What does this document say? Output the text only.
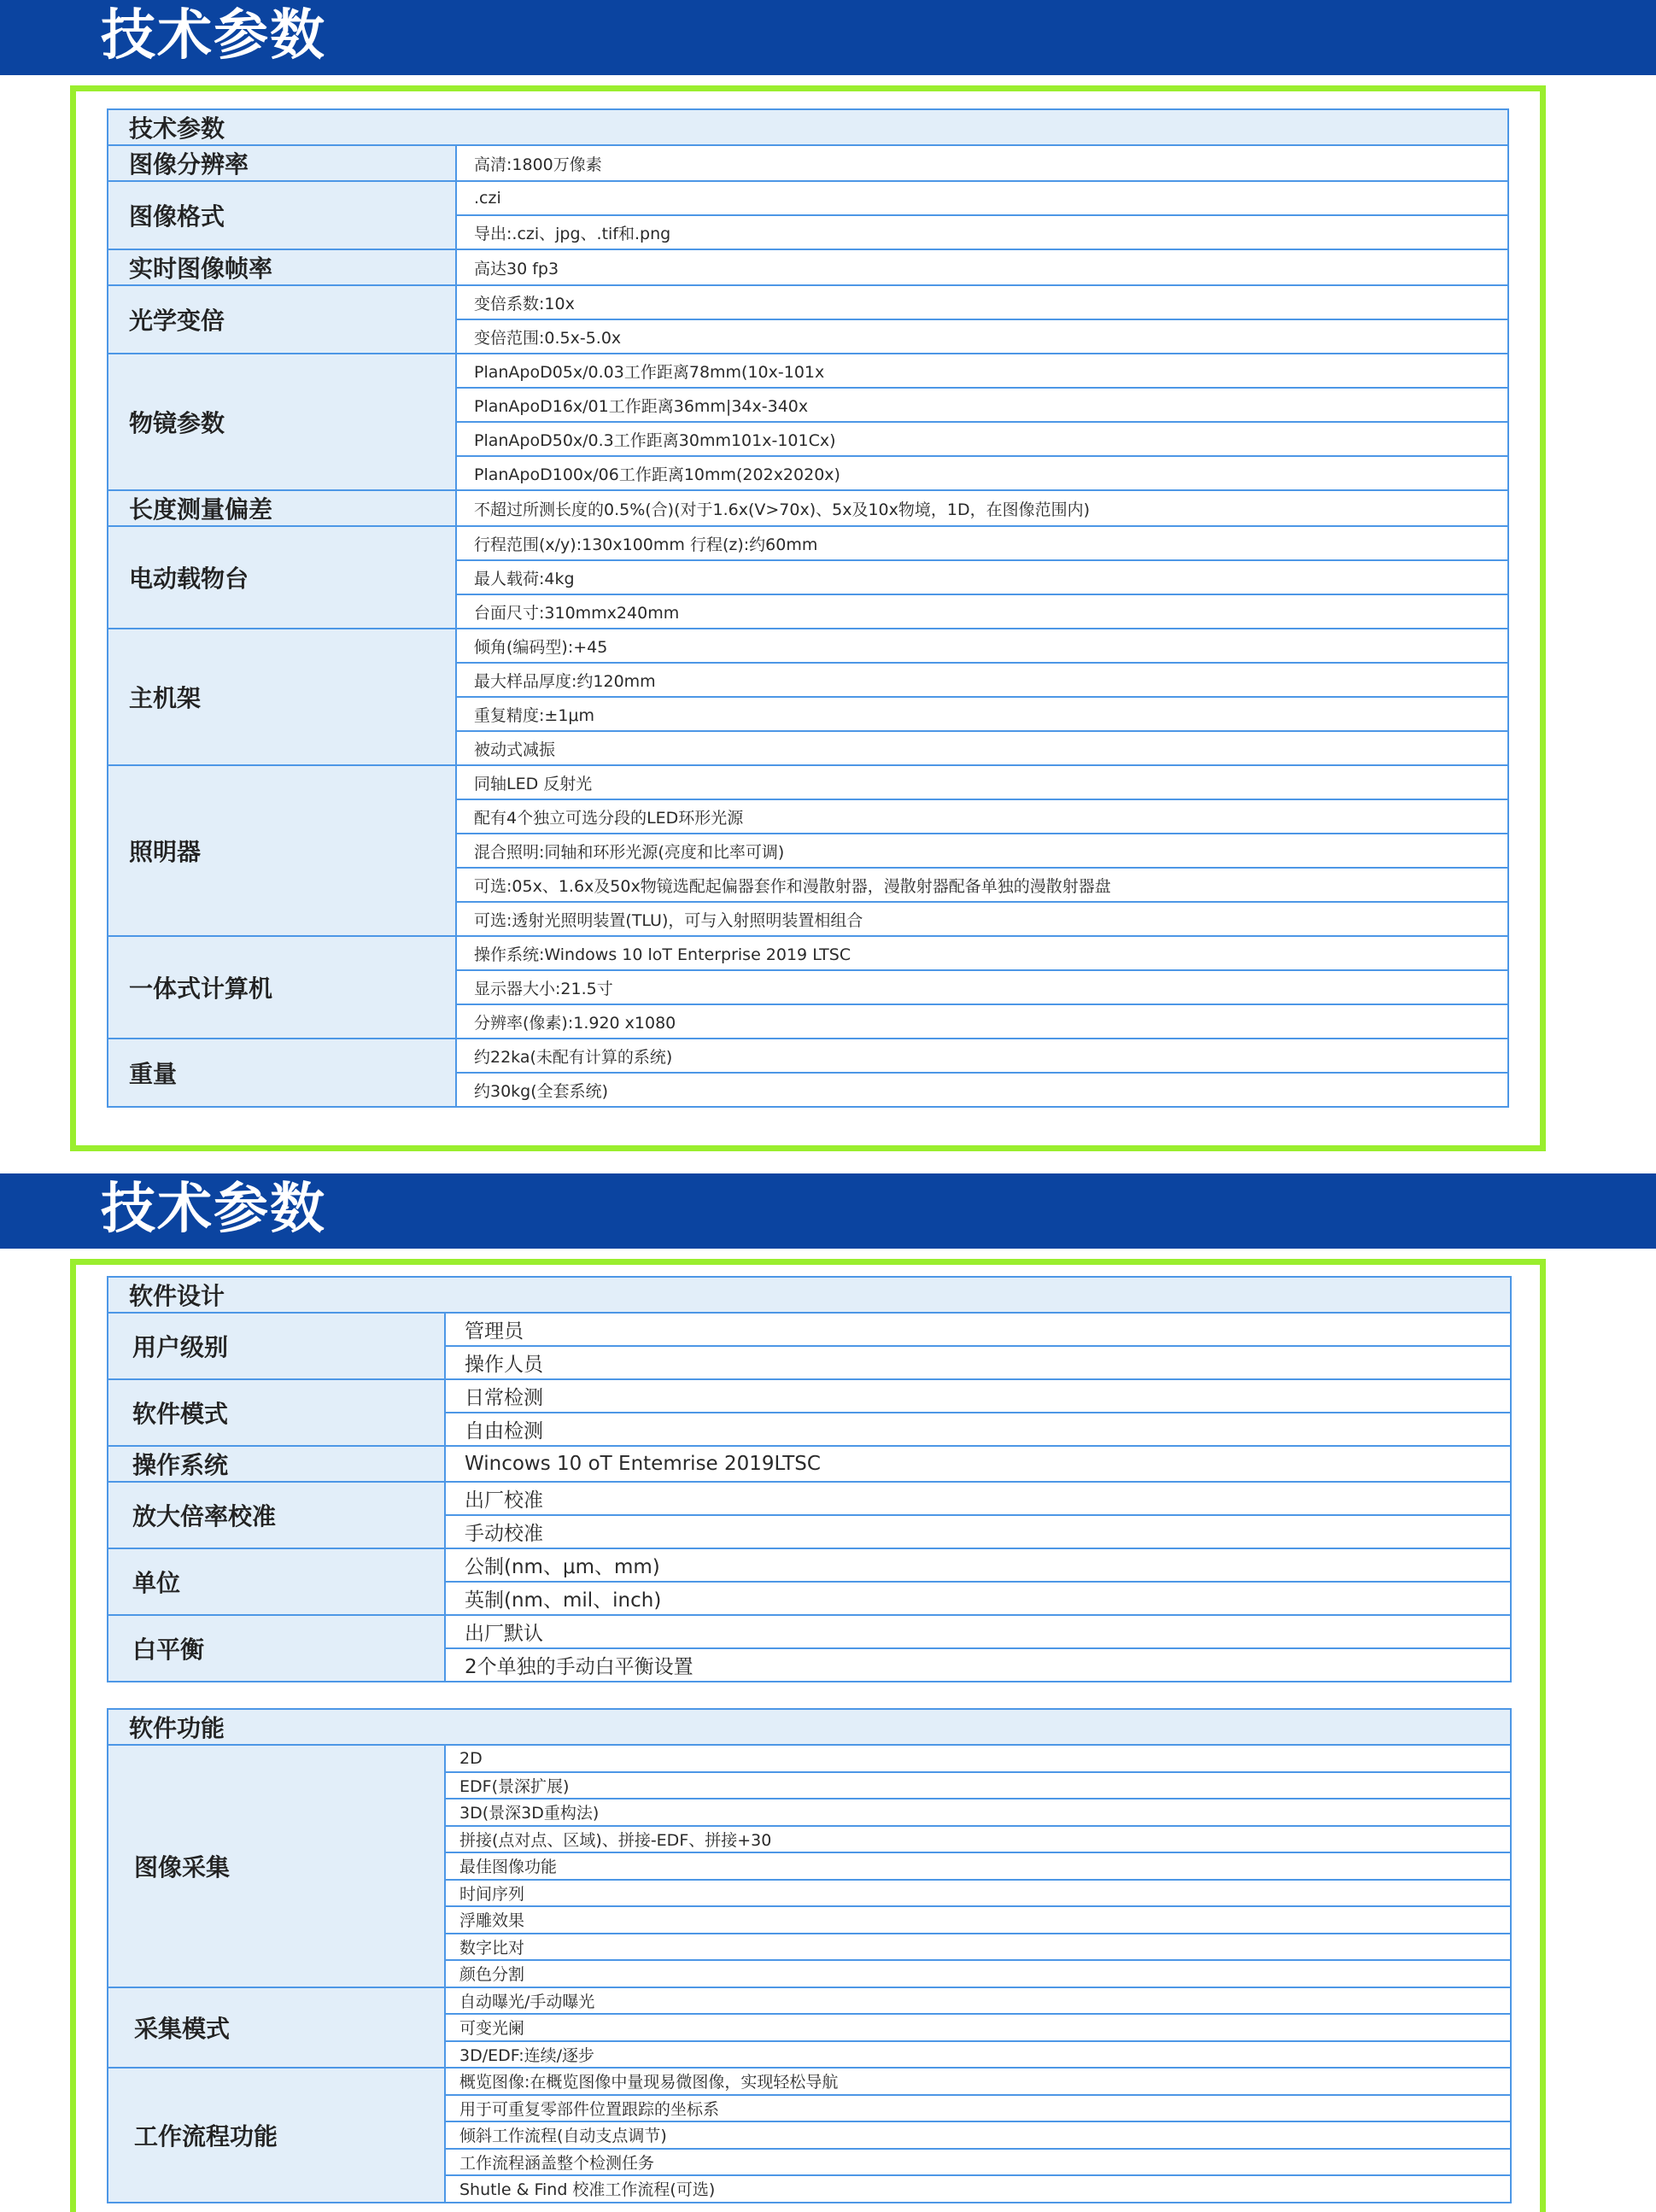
技术参数
技术参数	
图像分辨率	高清:1800万像素
图像格式	.czi
	导出:.czi、jpg、.tif和.png
实时图像帧率	高达30 fp3
光学变倍	变倍系数:10x
	变倍范围:0.5x-5.0x
物镜参数	PlanApoD05x/0.03工作距离78mm(10x-101x
	PlanApoD16x/01工作距离36mm|34x-340x
	PlanApoD50x/0.3工作距离30mm101x-101Cx)
	PlanApoD100x/06工作距离10mm(202x2020x)
长度测量偏差	不超过所测长度的0.5%(合)(对于1.6x(V>70x)、5x及10x物境，1D，在图像范围内)
电动载物台	行程范围(x/y):130x100mm 行程(z):约60mm
	最人载荷:4kg
	台面尺寸:310mmx240mm
主机架	倾角(编码型):+45
	最大样品厚度:约120mm
	重复精度:±1μm
	被动式减振
照明器	同轴LED 反射光
	配有4个独立可选分段的LED环形光源
	混合照明:同轴和环形光源(亮度和比率可调)
	可选:05x、1.6x及50x物镜选配起偏器套作和漫散射器，漫散射器配备单独的漫散射器盘
	可选:透射光照明装置(TLU)，可与入射照明装置相组合
一体式计算机	操作系统:Windows 10 loT Enterprise 2019 LTSC
	显示器大小:21.5寸
	分辨率(像素):1.920 x1080
重量	约22ka(未配有计算的系统)
	约30kg(全套系统)
技术参数
软件设计	
用户级别	管理员
	操作人员
软件模式	日常检测
	自由检测
操作系统	Wincows 10 oT Entemrise 2019LTSC
放大倍率校准	出厂校准
	手动校准
单位	公制(nm、μm、mm)
	英制(nm、mil、inch)
白平衡	出厂默认
	2个单独的手动白平衡设置
软件功能	
图像采集	2D
	EDF(景深扩展)
	3D(景深3D重构法)
	拼接(点对点、区域)、拼接-EDF、拼接+30
	最佳图像功能
	时间序列
	浮雕效果
	数字比对
	颜色分割
采集模式	自动曝光/手动曝光
	可变光阑
	3D/EDF:连续/逐步
工作流程功能	概览图像:在概览图像中量现易微图像，实现轻松导航
	用于可重复零部件位置跟踪的坐标系
	倾斜工作流程(自动支点调节)
	工作流程涵盖整个检测任务
	Shutle & Find 校准工作流程(可选)
